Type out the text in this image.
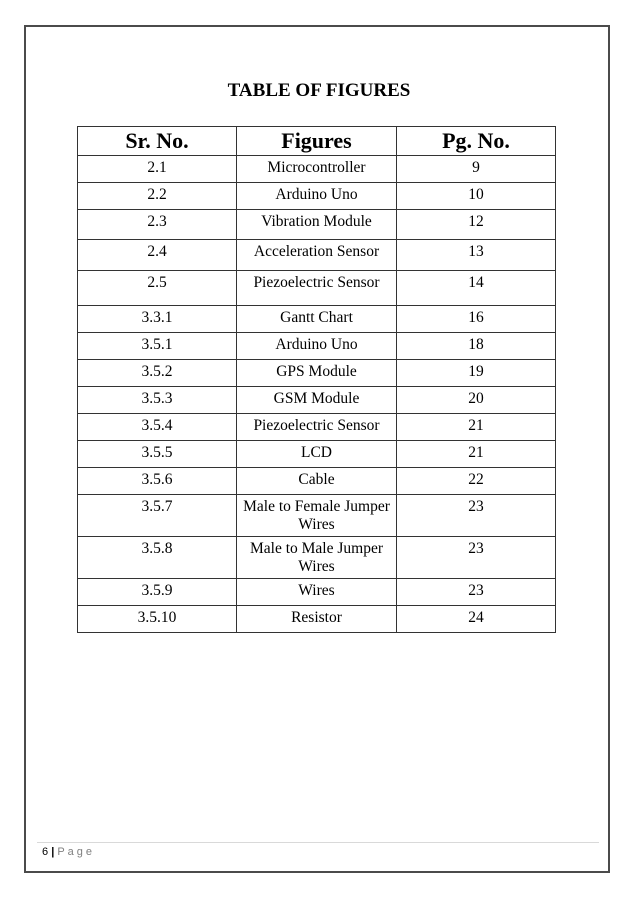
TABLE OF FIGURES
Sr. No.	Figures	Pg. No.
2.1	Microcontroller	9
2.2	Arduino Uno	10
2.3	Vibration Module	12
2.4	Acceleration Sensor	13
2.5	Piezoelectric Sensor	14
3.3.1	Gantt Chart	16
3.5.1	Arduino Uno	18
3.5.2	GPS Module	19
3.5.3	GSM Module	20
3.5.4	Piezoelectric Sensor	21
3.5.5	LCD	21
3.5.6	Cable	22
3.5.7	Male to Female Jumper Wires	23
3.5.8	Male to Male Jumper Wires	23
3.5.9	Wires	23
3.5.10	Resistor	24
6 | Page
